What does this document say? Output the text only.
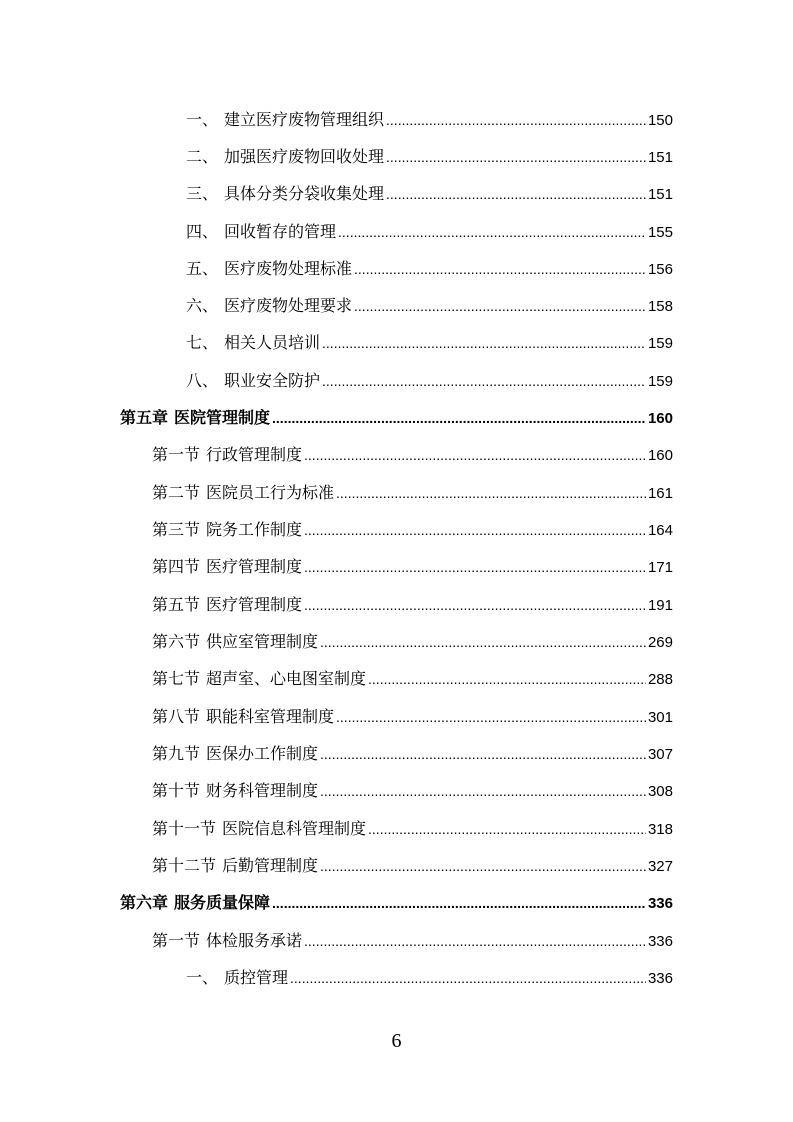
一、 建立医疗废物管理组织 .....	150
二、 加强医疗废物回收处理 .....	151
三、 具体分类分袋收集处理 .....	151
四、 回收暂存的管理 .....	155
五、 医疗废物处理标准 .....	156
六、 医疗废物处理要求 .....	158
七、 相关人员培训 .....	159
八、 职业安全防护 .....	159
第五章 医院管理制度 .....	160
第一节 行政管理制度 .....	160
第二节 医院员工行为标准 .....	161
第三节 院务工作制度 .....	164
第四节 医疗管理制度 .....	171
第五节 医疗管理制度 .....	191
第六节 供应室管理制度 .....	269
第七节 超声室、心电图室制度 .....	288
第八节 职能科室管理制度 .....	301
第九节 医保办工作制度 .....	307
第十节 财务科管理制度 .....	308
第十一节 医院信息科管理制度 .....	318
第十二节 后勤管理制度 .....	327
第六章 服务质量保障 .....	336
第一节 体检服务承诺 .....	336
一、 质控管理 .....	336
6
